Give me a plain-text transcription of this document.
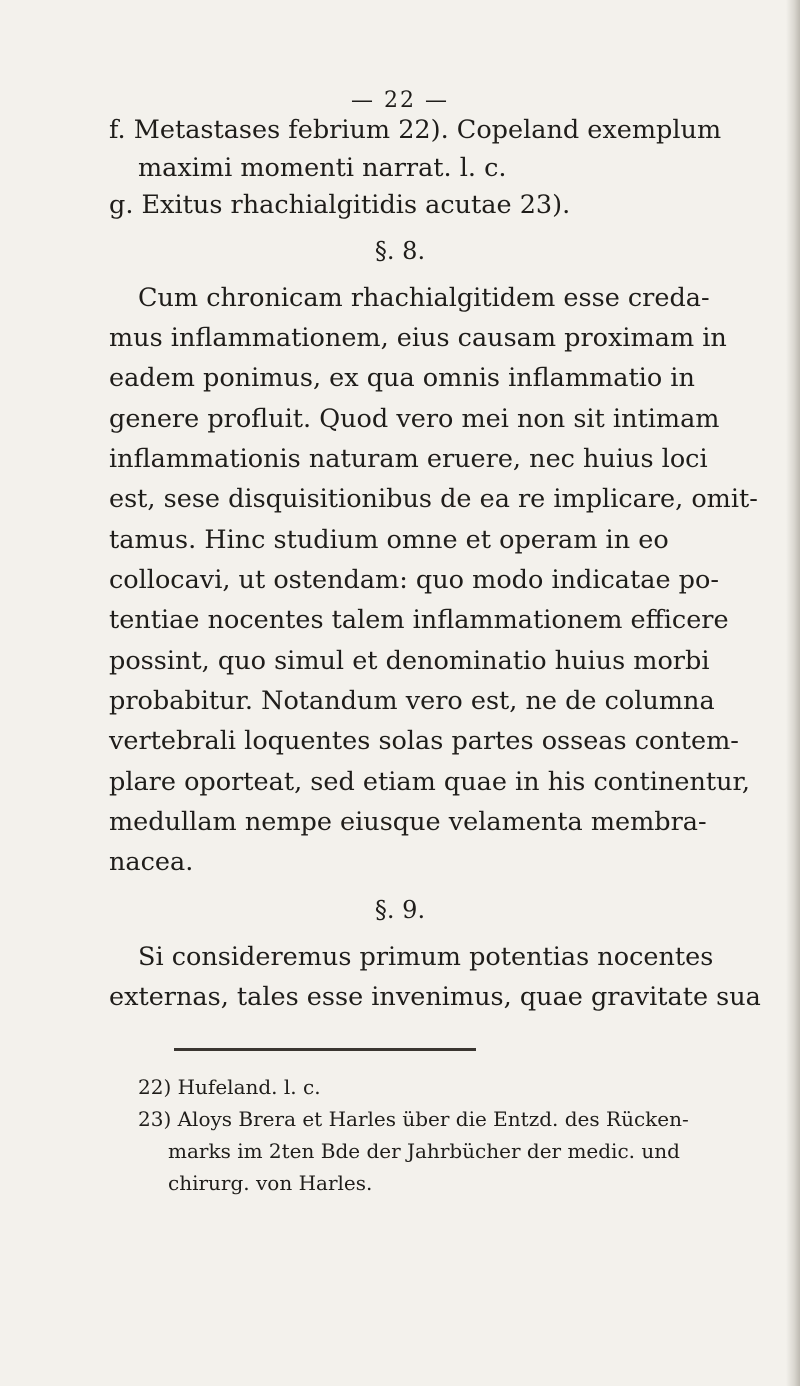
— 22 —
f. Metastases febrium 22). Copeland exemplum
maximi momenti narrat. l. c.
g. Exitus rhachialgitidis acutae 23).
§. 8.
Cum chronicam rhachialgitidem esse creda-
mus inflammationem, eius causam proximam in
eadem ponimus, ex qua omnis inflammatio in
genere profluit. Quod vero mei non sit intimam
inflammationis naturam eruere, nec huius loci
est, sese disquisitionibus de ea re implicare, omit-
tamus. Hinc studium omne et operam in eo
collocavi, ut ostendam: quo modo indicatae po-
tentiae nocentes talem inflammationem efficere
possint, quo simul et denominatio huius morbi
probabitur. Notandum vero est, ne de columna
vertebrali loquentes solas partes osseas contem-
plare oporteat, sed etiam quae in his continentur,
medullam nempe eiusque velamenta membra-
nacea.
§. 9.
Si consideremus primum potentias nocentes
externas, tales esse invenimus, quae gravitate sua
22) Hufeland. l. c.
23) Aloys Brera et Harles über die Entzd. des Rücken-
marks im 2ten Bde der Jahrbücher der medic. und
chirurg. von Harles.
